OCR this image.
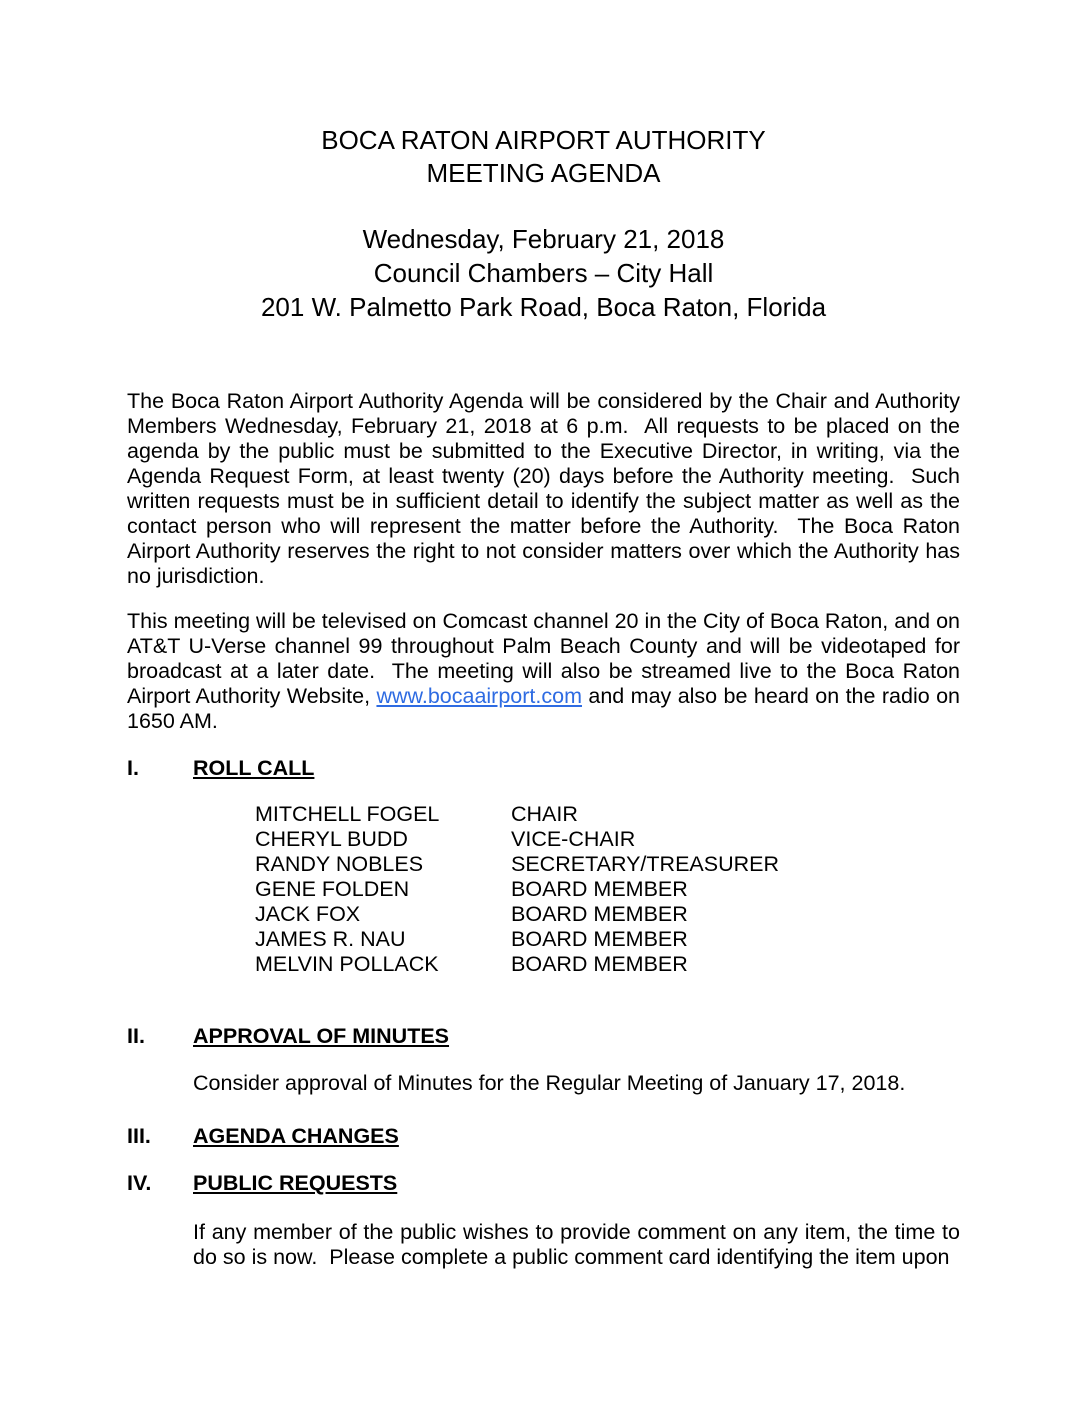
BOCA RATON AIRPORT AUTHORITY
MEETING AGENDA
Wednesday, February 21, 2018
Council Chambers – City Hall
201 W. Palmetto Park Road, Boca Raton, Florida
The Boca Raton Airport Authority Agenda will be considered by the Chair and Authority Members Wednesday, February 21, 2018 at 6 p.m.  All requests to be placed on the agenda by the public must be submitted to the Executive Director, in writing, via the Agenda Request Form, at least twenty (20) days before the Authority meeting.  Such written requests must be in sufficient detail to identify the subject matter as well as the contact person who will represent the matter before the Authority.  The Boca Raton Airport Authority reserves the right to not consider matters over which the Authority has no jurisdiction.
This meeting will be televised on Comcast channel 20 in the City of Boca Raton, and on AT&T U-Verse channel 99 throughout Palm Beach County and will be videotaped for broadcast at a later date.  The meeting will also be streamed live to the Boca Raton Airport Authority Website, www.bocaairport.com and may also be heard on the radio on 1650 AM.
I.	ROLL CALL
MITCHELL FOGEL	CHAIR
CHERYL BUDD	VICE-CHAIR
RANDY NOBLES	SECRETARY/TREASURER
GENE FOLDEN	BOARD MEMBER
JACK FOX	BOARD MEMBER
JAMES R. NAU	BOARD MEMBER
MELVIN POLLACK	BOARD MEMBER
II.	APPROVAL OF MINUTES
Consider approval of Minutes for the Regular Meeting of January 17, 2018.
III.	AGENDA CHANGES
IV.	PUBLIC REQUESTS
If any member of the public wishes to provide comment on any item, the time to do so is now.  Please complete a public comment card identifying the item upon
